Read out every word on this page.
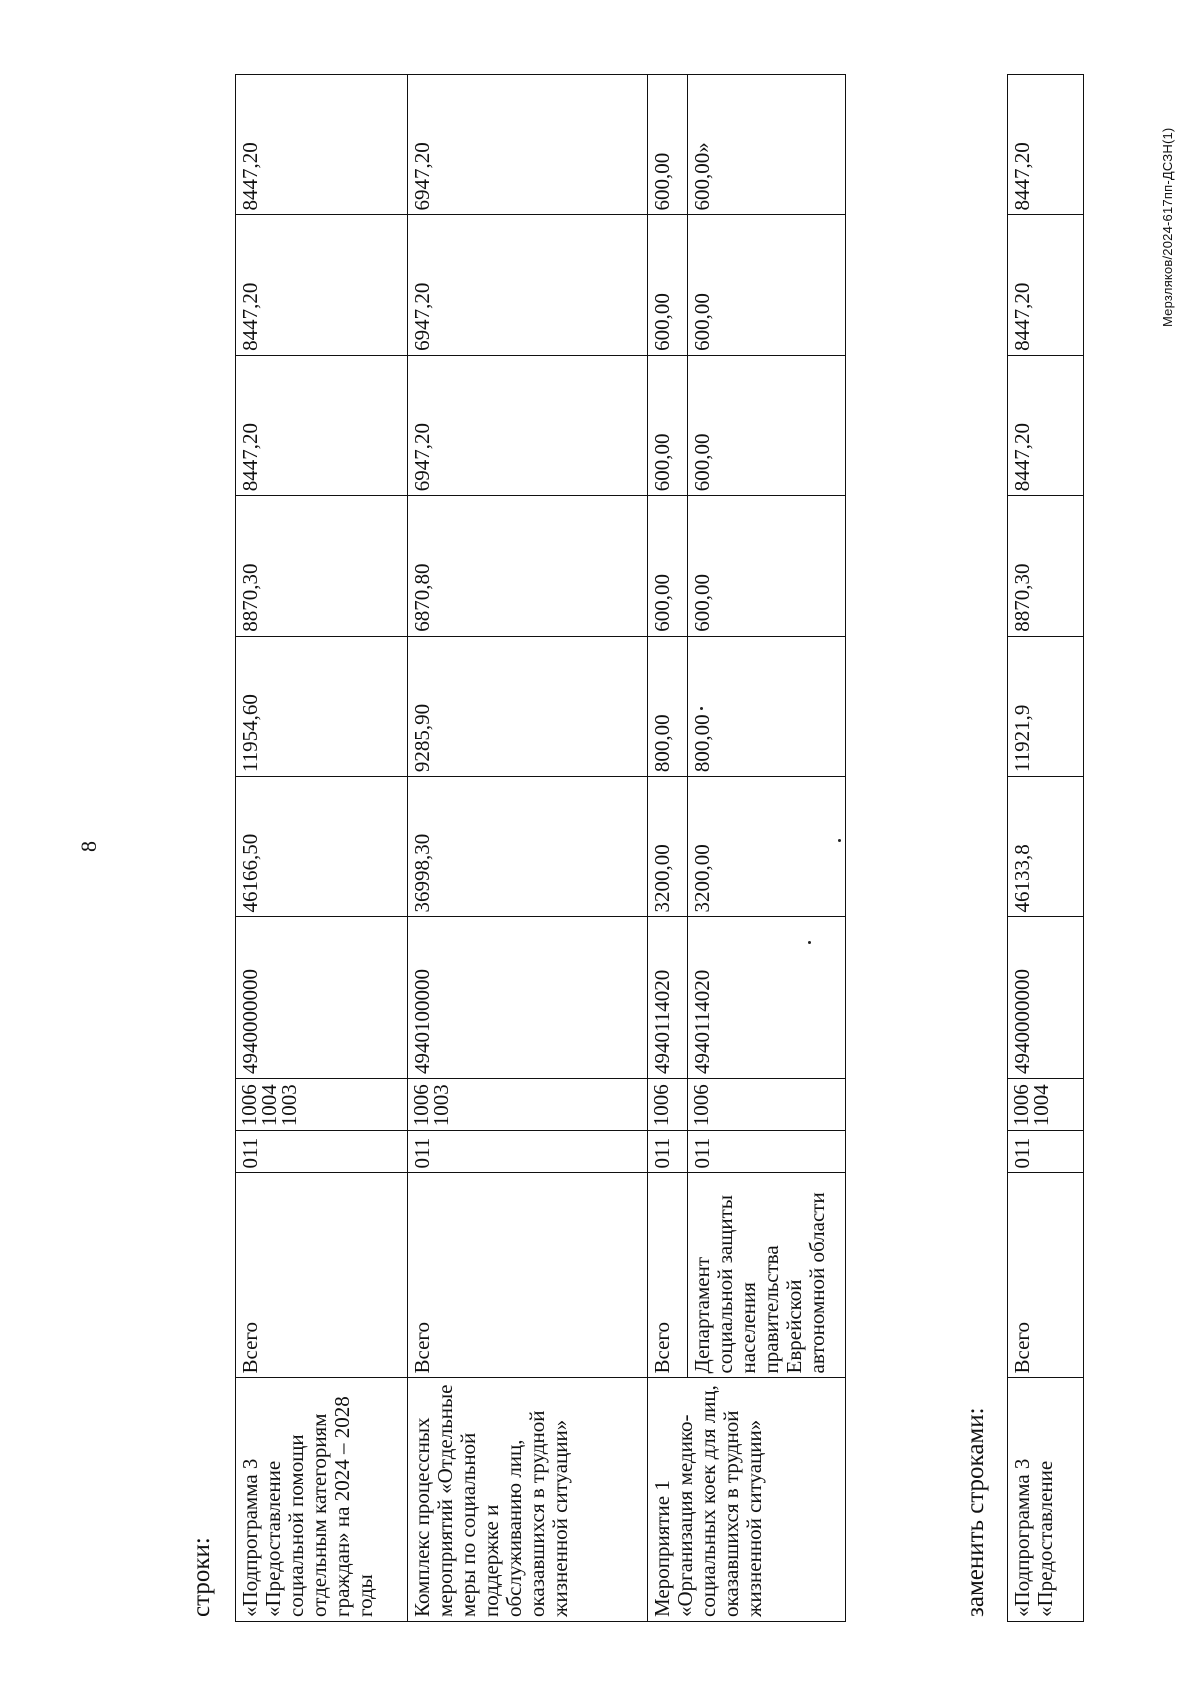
8
строки: «Подпрограмма 3 «Предоставление социальной помощи отдельным категориям граждан» на 2024 – 2028 годы	Всего	011	1006
1004
1003	4940000000	46166,50	11954,60	8870,30	8447,20	8447,20	8447,20
Комплекс процессных мероприятий «Отдельные меры по социальной поддержке и обслуживанию лиц, оказавшихся в трудной жизненной ситуации»	Всего	011	1006
1003	4940100000	36998,30	9285,90	6870,80	6947,20	6947,20	6947,20
Мероприятие 1 «Организация медико-социальных коек для лиц, оказавшихся в трудной жизненной ситуации»	Всего	011	1006	4940114020	3200,00	800,00	600,00	600,00	600,00	600,00
	Департамент социальной защиты населения правительства Еврейской автономной области	011	1006	4940114020	3200,00	800,00	600,00	600,00	600,00	600,00»
заменить строками: «Подпрограмма 3 «Предоставление	Всего	011	1006
1004	4940000000	46133,8	11921,9	8870,30	8447,20	8447,20	8447,20	Мерзляков/2024-617пп-ДСЗН(1)
